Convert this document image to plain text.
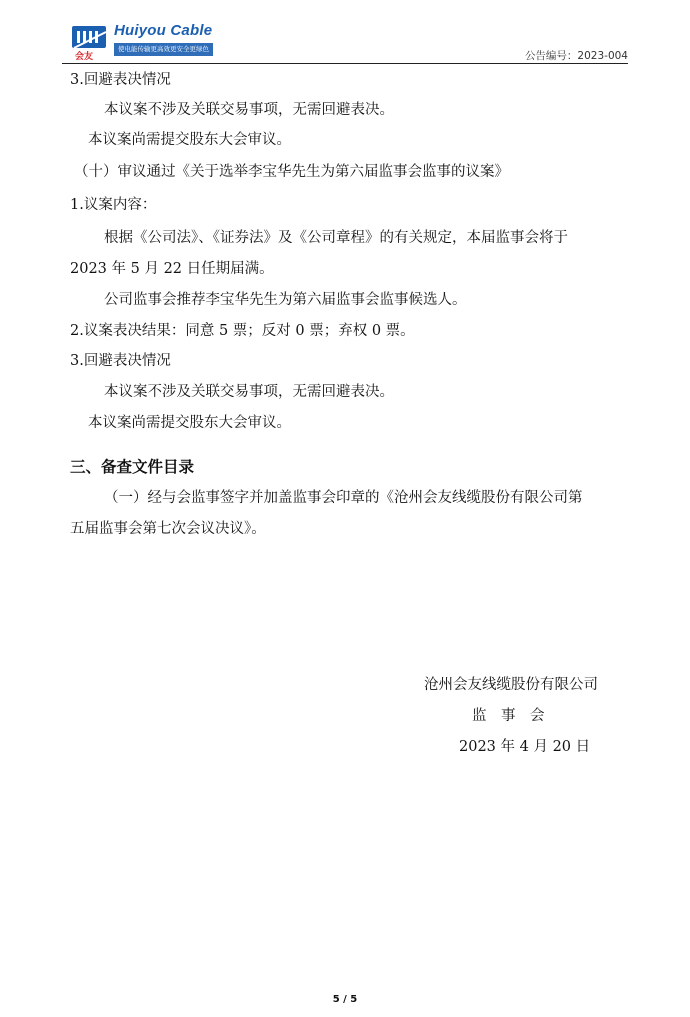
会友
Huiyou Cable
使电能传输更高效更安全更绿色
公告编号：2023-004
3.回避表决情况
本议案不涉及关联交易事项，无需回避表决。
本议案尚需提交股东大会审议。
（十）审议通过《关于选举李宝华先生为第六届监事会监事的议案》
1.议案内容：
根据《公司法》、《证券法》及《公司章程》的有关规定，本届监事会将于
2023 年 5 月 22 日任期届满。
公司监事会推荐李宝华先生为第六届监事会监事候选人。
2.议案表决结果：同意 5 票；反对 0 票；弃权 0 票。
3.回避表决情况
本议案不涉及关联交易事项，无需回避表决。
本议案尚需提交股东大会审议。
三、备查文件目录
（一）经与会监事签字并加盖监事会印章的《沧州会友线缆股份有限公司第
五届监事会第七次会议决议》。
沧州会友线缆股份有限公司
监　事　会
2023 年 4 月 20 日
5 / 5
